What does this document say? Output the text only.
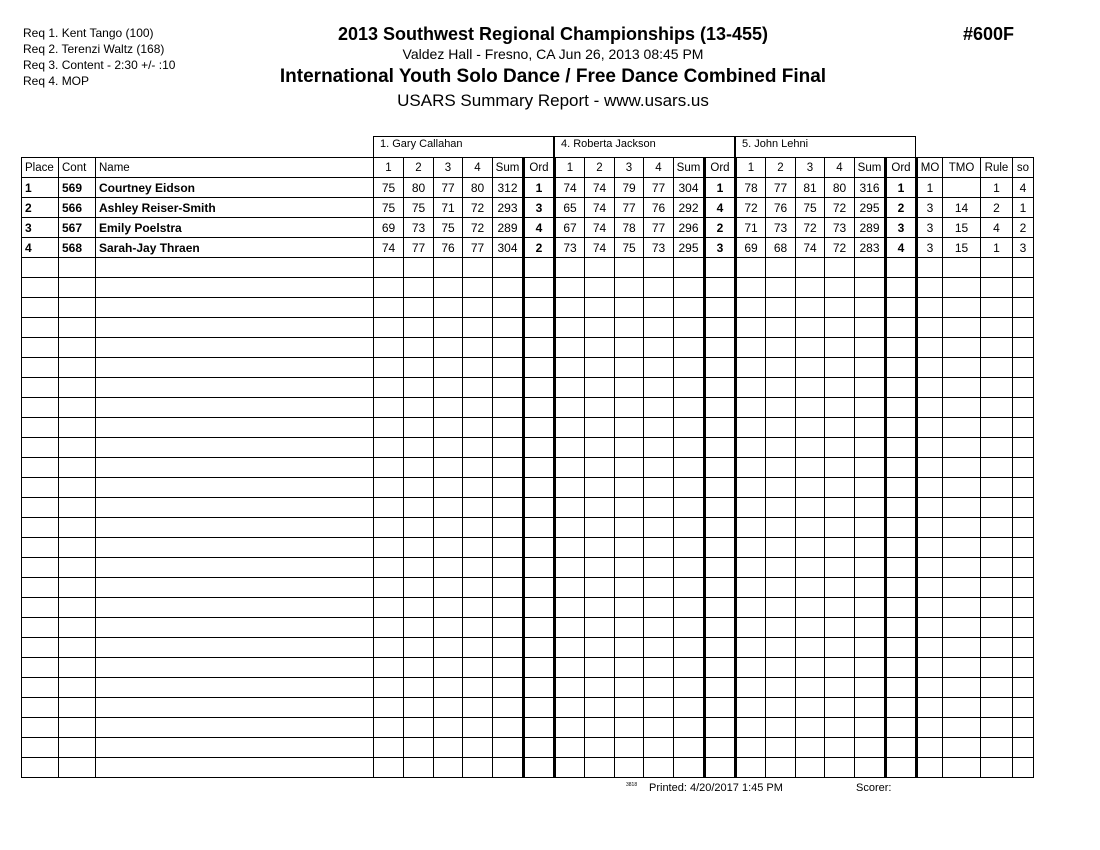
Req 1. Kent Tango (100)
Req 2. Terenzi Waltz (168)
Req 3. Content - 2:30 +/- :10
Req 4. MOP
2013 Southwest Regional Championships (13-455)
Valdez Hall - Fresno, CA Jun 26, 2013 08:45 PM
International Youth Solo Dance / Free Dance Combined Final
USARS Summary Report - www.usars.us
#600F
1. Gary Callahan	4. Roberta Jackson	5. John Lehni
Place	Cont	Name	1	2	3	4	Sum	Ord	1	2	3	4	Sum	Ord	1	2	3	4	Sum	Ord	MO	TMO	Rule	so
1	569	Courtney Eidson	75	80	77	80	312	1	74	74	79	77	304	1	78	77	81	80	316	1	1		1	4
2	566	Ashley Reiser-Smith	75	75	71	72	293	3	65	74	77	76	292	4	72	76	75	72	295	2	3	14	2	1
3	567	Emily Poelstra	69	73	75	72	289	4	67	74	78	77	296	2	71	73	72	73	289	3	3	15	4	2
4	568	Sarah-Jay Thraen	74	77	76	77	304	2	73	74	75	73	295	3	69	68	74	72	283	4	3	15	1	3

3818 Printed: 4/20/2017 1:45 PM	Scorer:
